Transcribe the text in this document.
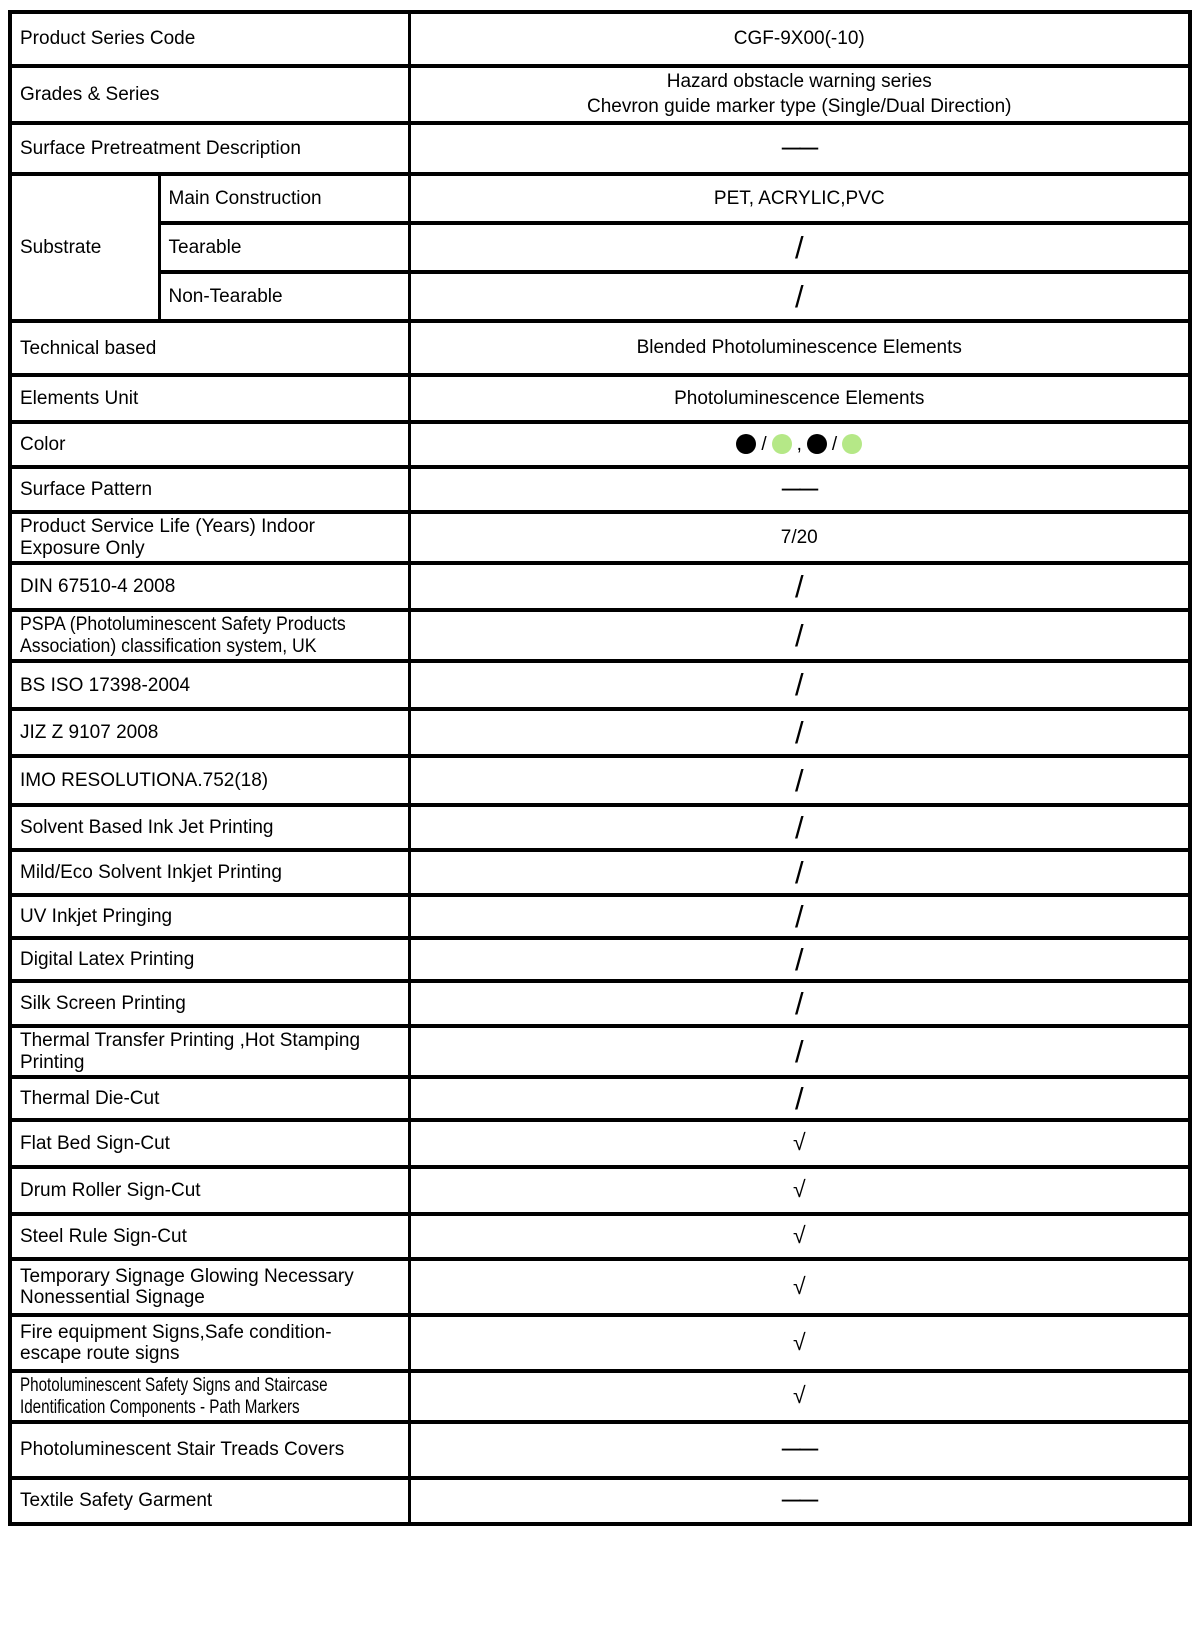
Product Series Code		CGF-9X00(-10)

Grades & Series		Hazard obstacle warning series
Chevron guide marker type (Single/Dual Direction)

Surface Pretreatment Description		——

Substrate	Main Construction	PET, ACRYLIC,PVC

	Tearable	/

	Non-Tearable	/

Technical based		Blended Photoluminescence Elements

Elements Unit		Photoluminescence Elements

Color		/ , /

Surface Pattern		——

Product Service Life (Years) Indoor
Exposure Only		7/20

DIN 67510-4 2008		/

PSPA (Photoluminescent Safety Products
Association) classification system, UK		/

BS ISO 17398-2004		/

JIZ Z 9107 2008		/

IMO RESOLUTIONA.752(18)		/

Solvent Based Ink Jet Printing		/

Mild/Eco Solvent Inkjet Printing		/

UV Inkjet Pringing		/

Digital Latex Printing		/

Silk Screen Printing		/

Thermal Transfer Printing ,Hot Stamping
Printing		/

Thermal Die-Cut		/

Flat Bed Sign-Cut		√

Drum Roller Sign-Cut		√

Steel Rule Sign-Cut		√

Temporary Signage Glowing Necessary
Nonessential Signage		√

Fire equipment Signs,Safe condition-
escape route signs		√

Photoluminescent Safety Signs and Staircase
Identification Components - Path Markers		√

Photoluminescent Stair Treads Covers		——

Textile Safety Garment		——
